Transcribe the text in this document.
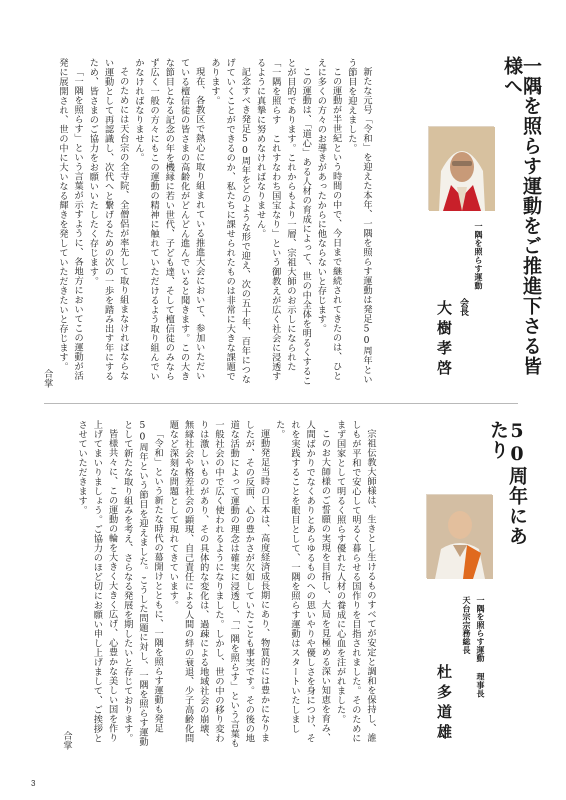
一隅を照らす運動をご推進下さる皆様へ
一隅を照らす運動
会長
大樹孝啓

新たな元号「令和」を迎えた本年、一隅を照らす運動は発足50周年という節目を迎えました。

この運動が半世紀という時間の中で、今日まで継続されてきたのは、ひとえに多くの方々のお導きがあったからに他ならないと存じます。

この運動は、「道心」ある人材の育成によって、世の中全体を明るくすることが目的であります。これからもより一層、宗祖大師のお示しになられた「一隅を照らす　これすなわち国宝なり」という御教えが広く社会に浸透するように真摯に努めなければなりません。

記念すべき発足50周年をどのような形で迎え、次の五十年、百年につなげていくことができるのか、私たちに課せられたものは非常に大きな課題であります。

現在、各教区で熱心に取り組まれている推進大会において、参加いただいている檀信徒の皆さまの高齢化がどんどん進んでいると聞きます。この大きな節目となる記念の年を機縁に若い世代、子ども達、そして檀信徒のみならず広く一般の方々にもこの運動の精神に触れていただけるよう取り組んでいかなければなりません。

そのためには天台宗の全寺院、全僧侶が率先して取り組まなければならない運動として再認識し、次代へと繋げるための次の一歩を踏み出す年にするため、皆さまのご協力をお願いいたしたく存じます。

「一隅を照らす」という言葉が示すように、各地方においてこの運動が活発に展開され、世の中に大いなる輝きを発していただきたいと存じます。

合掌
50周年にあたり
一隅を照らす運動 理事長
天台宗宗務総長
杜多道雄

宗祖伝教大師様は、生きとし生けるものすべてが安定と調和を保持し、誰しもが平和で安心して明るく暮らせる国作りを目指されました。そのためにまず国家として明るく照らす優れた人材の養成に心血を注がれました。

このお大師様のご誓願の実現を目指し、大局を見極める深い知恵を育み、人間ばかりでなくありとあらゆるものへの思いやりや優しさを身につけ、それを実践することを眼目として、一隅を照らす運動はスタートいたしました。

運動発足当時の日本は、高度経済成長期にあり、物質的には豊かになりましたが、その反面、心の豊かさが欠如していたことも事実です。その後の地道な活動によって運動の理念は確実に浸透し、「一隅を照らす」という言葉も一般社会の中で広く使われるようになりました。しかし、世の中の移り変わりは激しいものがあり、その具体的な変化は、過疎による地域社会の崩壊、無縁社会や格差社会の顕現、自己責任による人間の絆の衰退、少子高齢化問題など深刻な問題として現れてきています。

「令和」という新たな時代の幕開けとともに、一隅を照らす運動も発足50周年という節目を迎えました。こうした問題に対し、一隅を照らす運動として新たな取り組みを考え、さらなる発展を期したいと存じております。

皆様共々に、この運動の輪を大きく大きく広げ、心豊かな美しい国を作り上げてまいりましょう。ご協力のほど切にお願い申し上げまして、ご挨拶とさせていただきます。

合掌
3
